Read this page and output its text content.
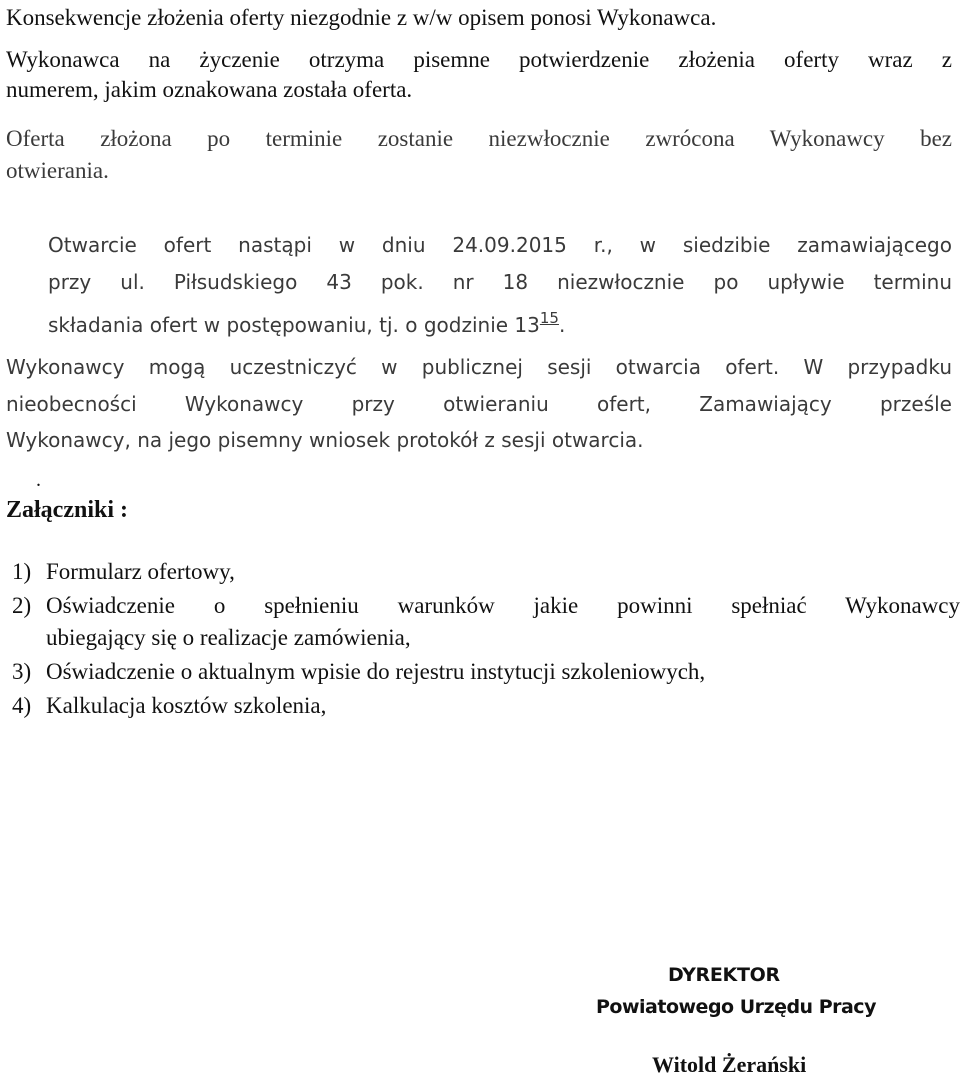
Konsekwencje złożenia oferty niezgodnie z w/w opisem ponosi Wykonawca.
Wykonawca na życzenie otrzyma pisemne potwierdzenie złożenia oferty wraz z
numerem, jakim oznakowana została oferta.
Oferta złożona po terminie zostanie niezwłocznie zwrócona Wykonawcy bez
otwierania.
Otwarcie ofert nastąpi w dniu 24.09.2015 r., w siedzibie zamawiającego
przy ul. Piłsudskiego 43 pok. nr 18 niezwłocznie po upływie terminu
składania ofert w postępowaniu, tj. o godzinie $13^{15}$.
Wykonawcy mogą uczestniczyć w publicznej sesji otwarcia ofert. W przypadku
nieobecności Wykonawcy przy otwieraniu ofert, Zamawiający prześle
Wykonawcy, na jego pisemny wniosek protokół z sesji otwarcia.
.
Załączniki :
1) Formularz ofertowy,
2) Oświadczenie o spełnieniu warunków jakie powinni spełniać Wykonawcy
ubiegający się o realizacje zamówienia,
3) Oświadczenie o aktualnym wpisie do rejestru instytucji szkoleniowych,
4) Kalkulacja kosztów szkolenia,
DYREKTOR
Powiatowego Urzędu Pracy
Witold Żerański
